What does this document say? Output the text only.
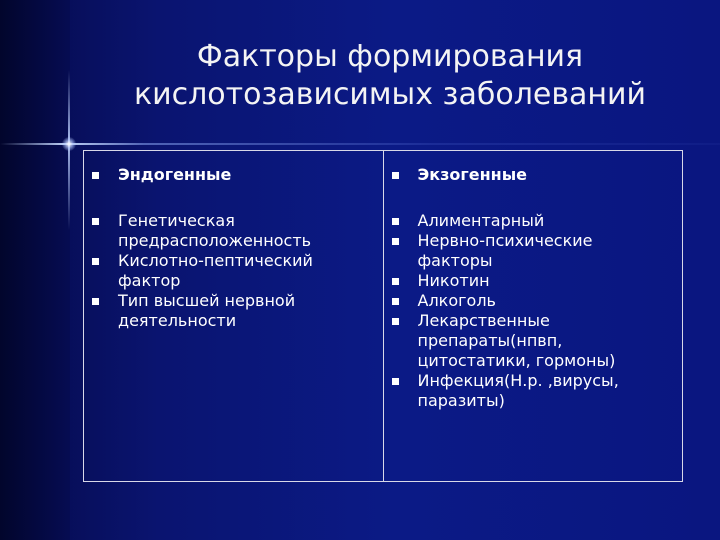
Факторы формирования
кислотозависимых заболеваний
Эндогенные
Генетическая предрасположенность
Кислотно-пептический фактор
Тип высшей нервной деятельности
Экзогенные
Алиментарный
Нервно-психические факторы
Никотин
Алкоголь
Лекарственные препараты(нпвп, цитостатики, гормоны)
Инфекция(Н.р. ,вирусы, паразиты)
